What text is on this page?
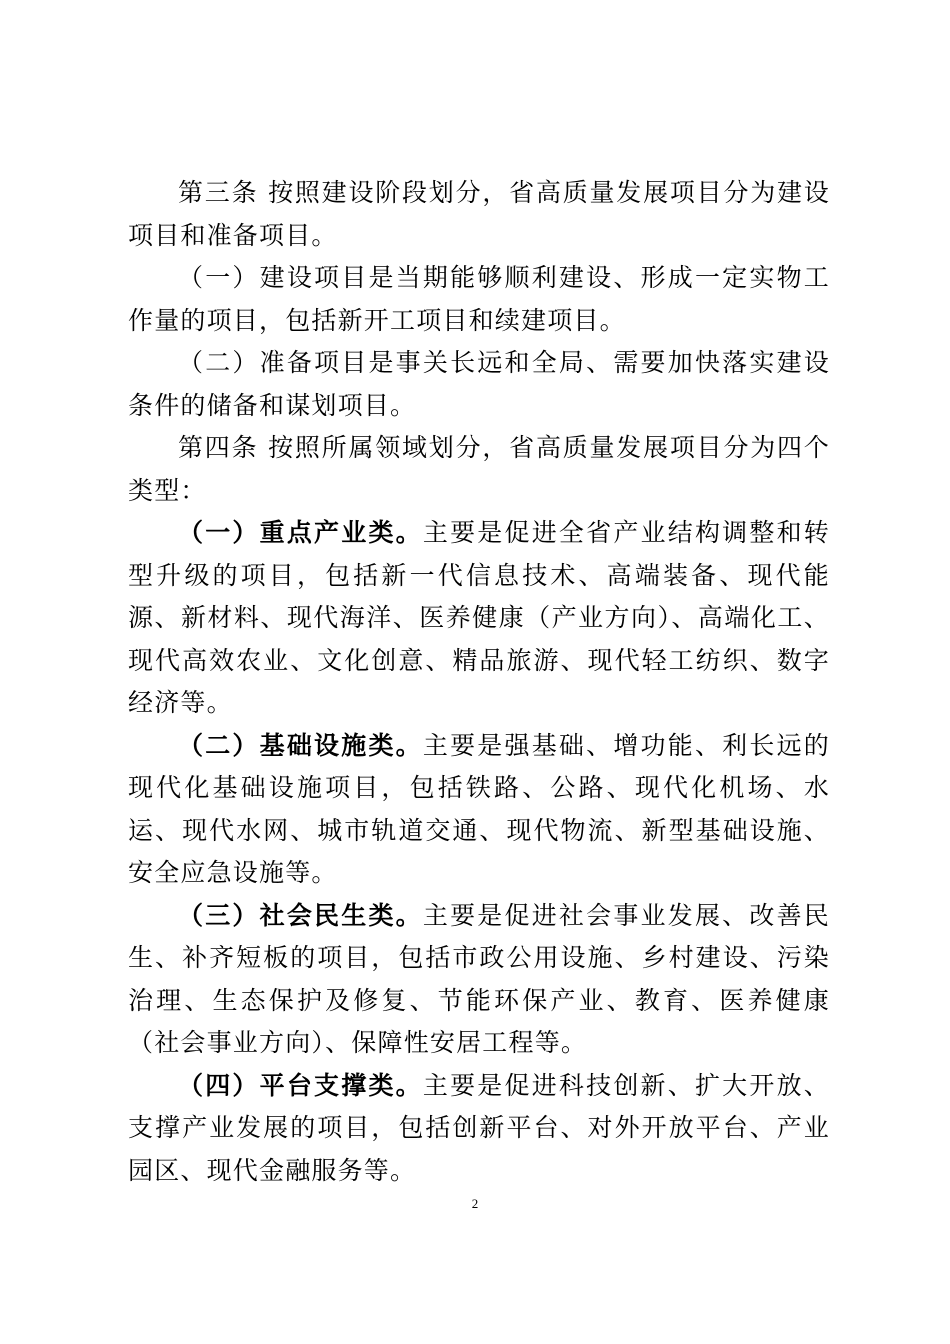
第三条 按照建设阶段划分，省高质量发展项目分为建设项目和准备项目。

（一）建设项目是当期能够顺利建设、形成一定实物工作量的项目，包括新开工项目和续建项目。

（二）准备项目是事关长远和全局、需要加快落实建设条件的储备和谋划项目。

第四条 按照所属领域划分，省高质量发展项目分为四个类型：

（一）重点产业类。主要是促进全省产业结构调整和转型升级的项目，包括新一代信息技术、高端装备、现代能源、新材料、现代海洋、医养健康（产业方向）、高端化工、现代高效农业、文化创意、精品旅游、现代轻工纺织、数字经济等。

（二）基础设施类。主要是强基础、增功能、利长远的现代化基础设施项目，包括铁路、公路、现代化机场、水运、现代水网、城市轨道交通、现代物流、新型基础设施、安全应急设施等。

（三）社会民生类。主要是促进社会事业发展、改善民生、补齐短板的项目，包括市政公用设施、乡村建设、污染治理、生态保护及修复、节能环保产业、教育、医养健康（社会事业方向）、保障性安居工程等。

（四）平台支撑类。主要是促进科技创新、扩大开放、支撑产业发展的项目，包括创新平台、对外开放平台、产业园区、现代金融服务等。

2
